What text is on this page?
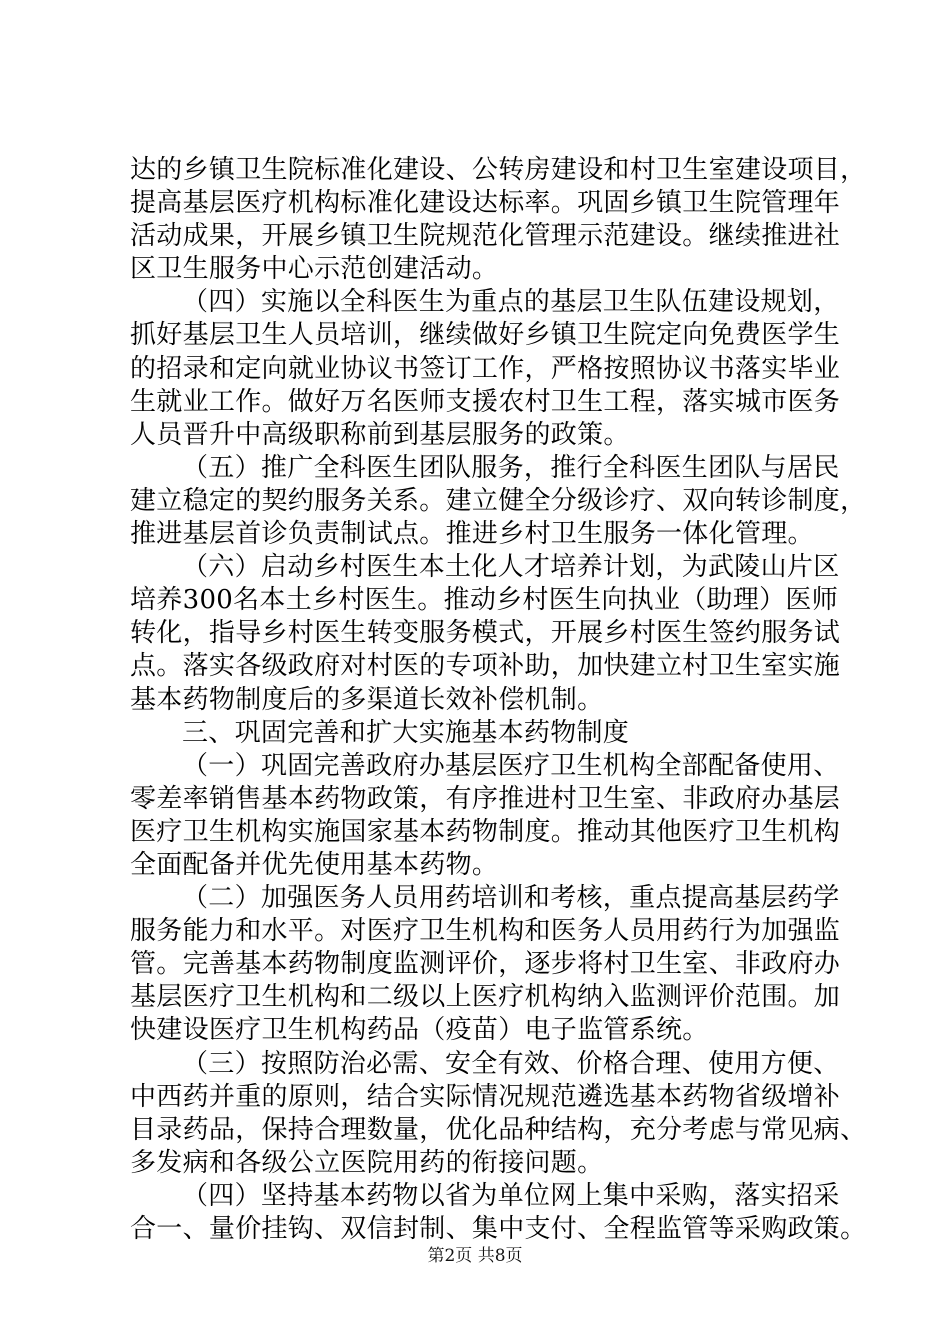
达的乡镇卫生院标准化建设、公转房建设和村卫生室建设项目，
提高基层医疗机构标准化建设达标率。巩固乡镇卫生院管理年
活动成果，开展乡镇卫生院规范化管理示范建设。继续推进社
区卫生服务中心示范创建活动。
（四）实施以全科医生为重点的基层卫生队伍建设规划，
抓好基层卫生人员培训，继续做好乡镇卫生院定向免费医学生
的招录和定向就业协议书签订工作，严格按照协议书落实毕业
生就业工作。做好万名医师支援农村卫生工程，落实城市医务
人员晋升中高级职称前到基层服务的政策。
（五）推广全科医生团队服务，推行全科医生团队与居民
建立稳定的契约服务关系。建立健全分级诊疗、双向转诊制度，
推进基层首诊负责制试点。推进乡村卫生服务一体化管理。
（六）启动乡村医生本土化人才培养计划，为武陵山片区
培养300名本土乡村医生。推动乡村医生向执业（助理）医师
转化，指导乡村医生转变服务模式，开展乡村医生签约服务试
点。落实各级政府对村医的专项补助，加快建立村卫生室实施
基本药物制度后的多渠道长效补偿机制。
三、巩固完善和扩大实施基本药物制度
（一）巩固完善政府办基层医疗卫生机构全部配备使用、
零差率销售基本药物政策，有序推进村卫生室、非政府办基层
医疗卫生机构实施国家基本药物制度。推动其他医疗卫生机构
全面配备并优先使用基本药物。
（二）加强医务人员用药培训和考核，重点提高基层药学
服务能力和水平。对医疗卫生机构和医务人员用药行为加强监
管。完善基本药物制度监测评价，逐步将村卫生室、非政府办
基层医疗卫生机构和二级以上医疗机构纳入监测评价范围。加
快建设医疗卫生机构药品（疫苗）电子监管系统。
（三）按照防治必需、安全有效、价格合理、使用方便、
中西药并重的原则，结合实际情况规范遴选基本药物省级增补
目录药品，保持合理数量，优化品种结构，充分考虑与常见病、
多发病和各级公立医院用药的衔接问题。
（四）坚持基本药物以省为单位网上集中采购，落实招采
合一、量价挂钩、双信封制、集中支付、全程监管等采购政策。
第2页 共8页
